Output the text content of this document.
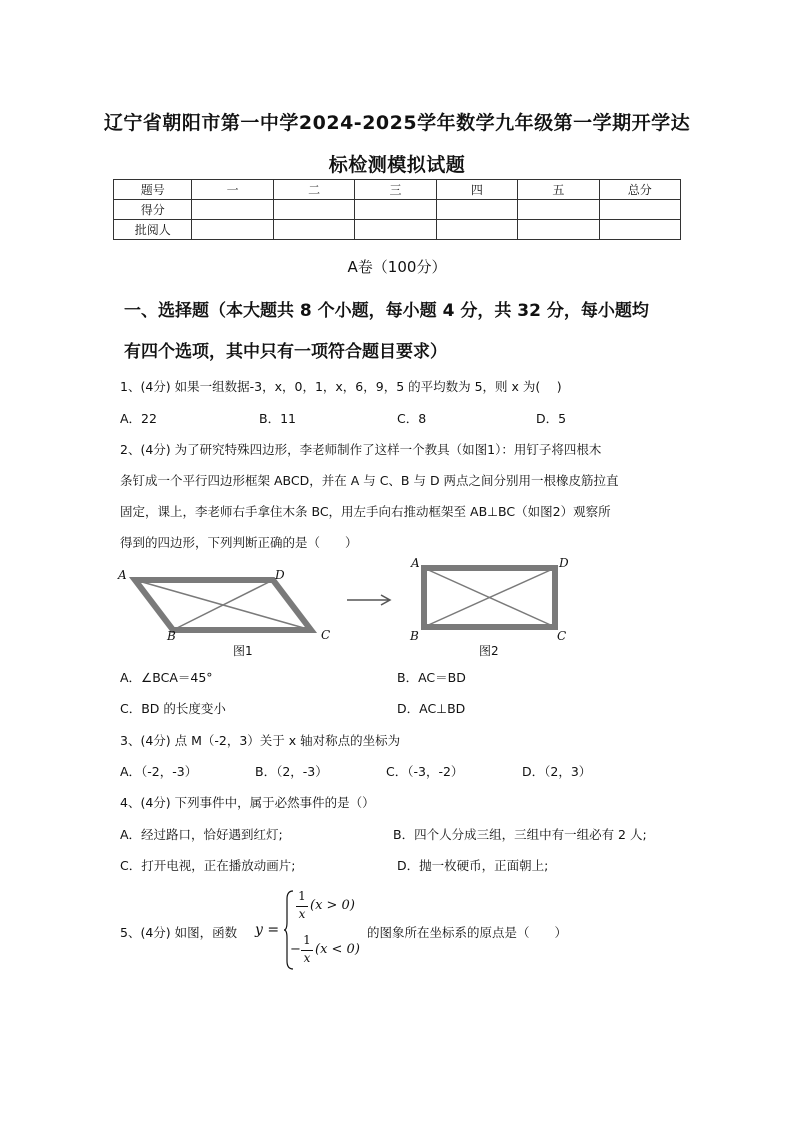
辽宁省朝阳市第一中学2024-2025学年数学九年级第一学期开学达
标检测模拟试题
题号	一	二	三	四	五	总分
得分						
批阅人						
A卷（100分）
一、选择题（本大题共 8 个小题，每小题 4 分，共 32 分，每小题均
有四个选项，其中只有一项符合题目要求）
1、(4分) 如果一组数据-3，x，0，1，x，6，9，5 的平均数为 5，则 x 为(　 )
A．22	B．11	C．8	D．5
2、(4分) 为了研究特殊四边形，李老师制作了这样一个教具（如图1）：用钉子将四根木
条钉成一个平行四边形框架 ABCD，并在 A 与 C、B 与 D 两点之间分别用一根橡皮筋拉直
固定，课上，李老师右手拿住木条 BC，用左手向右推动框架至 AB⊥BC（如图2）观察所
得到的四边形，下列判断正确的是（　　）
A	D
B	C
图1
A	D
B	C
图2
A．∠BCA＝45°	B．AC＝BD
C．BD 的长度变小	D．AC⊥BD
3、(4分) 点 M（-2，3）关于 x 轴对称点的坐标为
A．（-2，-3）	B．（2，-3）	C．（-3，-2）	D．（2，3）
4、(4分) 下列事件中，属于必然事件的是（）
A．经过路口，恰好遇到红灯;	B．四个人分成三组，三组中有一组必有 2 人;
C．打开电视，正在播放动画片;	D．抛一枚硬币，正面朝上;
5、(4分) 如图，函数 y =
1
x
(x > 0)
−
1
x
(x < 0)
的图象所在坐标系的原点是（　　）
